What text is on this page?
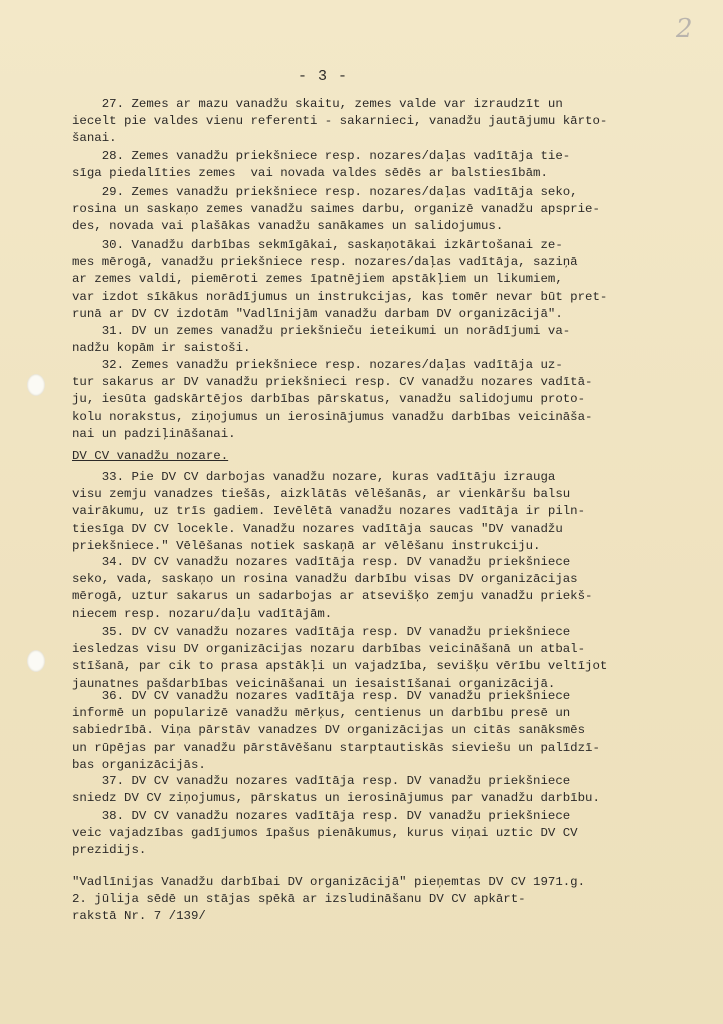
2
- 3 -
27. Zemes ar mazu vanadžu skaitu, zemes valde var izraudzīt un
iecelt pie valdes vienu referenti - sakarnieci, vanadžu jautājumu kārto-
šanai.
28. Zemes vanadžu priekšniece resp. nozares/daļas vadītāja tie-
sīga piedalīties zemes  vai novada valdes sēdēs ar balstiesībām.
29. Zemes vanadžu priekšniece resp. nozares/daļas vadītāja seko,
rosina un saskaņo zemes vanadžu saimes darbu, organizē vanadžu apsprie-
des, novada vai plašākas vanadžu sanākames un salidojumus.
30. Vanadžu darbības sekmīgākai, saskaņotākai izkārtošanai ze-
mes mērogā, vanadžu priekšniece resp. nozares/daļas vadītāja, saziņā
ar zemes valdi, piemēroti zemes īpatnējiem apstākļiem un likumiem,
var izdot sīkākus norādījumus un instrukcijas, kas tomēr nevar būt pret-
runā ar DV CV izdotām "Vadlīnijām vanadžu darbam DV organizācijā".
31. DV un zemes vanadžu priekšnieču ieteikumi un norādījumi va-
nadžu kopām ir saistoši.
32. Zemes vanadžu priekšniece resp. nozares/daļas vadītāja uz-
tur sakarus ar DV vanadžu priekšnieci resp. CV vanadžu nozares vadītā-
ju, iesūta gadskārtējos darbības pārskatus, vanadžu salidojumu proto-
kolu norakstus, ziņojumus un ierosinājumus vanadžu darbības veicināša-
nai un padziļināšanai.
DV CV vanadžu nozare.
33. Pie DV CV darbojas vanadžu nozare, kuras vadītāju izrauga
visu zemju vanadzes tiešās, aizklātās vēlēšanās, ar vienkāršu balsu
vairākumu, uz trīs gadiem. Ievēlētā vanadžu nozares vadītāja ir piln-
tiesīga DV CV locekle. Vanadžu nozares vadītāja saucas "DV vanadžu
priekšniece." Vēlēšanas notiek saskaņā ar vēlēšanu instrukciju.
34. DV CV vanadžu nozares vadītāja resp. DV vanadžu priekšniece
seko, vada, saskaņo un rosina vanadžu darbību visas DV organizācijas
mērogā, uztur sakarus un sadarbojas ar atsevišķo zemju vanadžu priekš-
niecem resp. nozaru/daļu vadītājām.
35. DV CV vanadžu nozares vadītāja resp. DV vanadžu priekšniece
iesledzas visu DV organizācijas nozaru darbības veicināšanā un atbal-
stīšanā, par cik to prasa apstākļi un vajadzība, sevišķu vērību veltījot
jaunatnes pašdarbības veicināšanai un iesaistīšanai organizācijā.
36. DV CV vanadžu nozares vadītāja resp. DV vanadžu priekšniece
informē un popularizē vanadžu mērķus, centienus un darbību presē un
sabiedrībā. Viņa pārstāv vanadzes DV organizācijas un citās sanāksmēs
un rūpējas par vanadžu pārstāvēšanu starptautiskās sieviešu un palīdzī-
bas organizācijās.
37. DV CV vanadžu nozares vadītāja resp. DV vanadžu priekšniece
sniedz DV CV ziņojumus, pārskatus un ierosinājumus par vanadžu darbību.
38. DV CV vanadžu nozares vadītāja resp. DV vanadžu priekšniece
veic vajadzības gadījumos īpašus pienākumus, kurus viņai uztic DV CV
prezidijs.
"Vadlīnijas Vanadžu darbībai DV organizācijā" pieņemtas DV CV 1971.g.
2. jūlija sēdē un stājas spēkā ar izsludināšanu DV CV apkārt-
rakstā Nr. 7 /139/
